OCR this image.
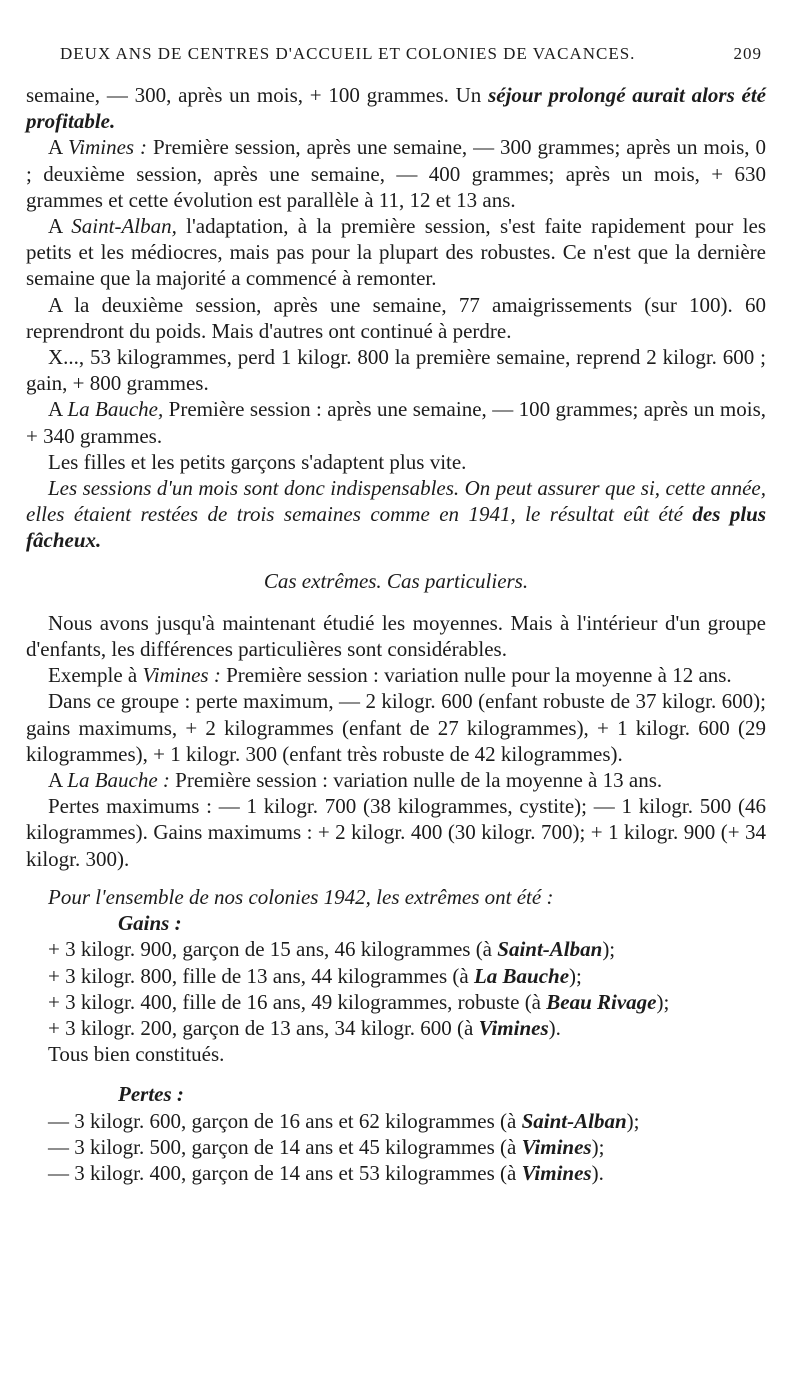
DEUX ANS DE CENTRES D'ACCUEIL ET COLONIES DE VACANCES.	209

semaine, — 300, après un mois, + 100 grammes. Un séjour prolongé aurait alors été profitable.

A Vimines : Première session, après une semaine, — 300 grammes; après un mois, 0 ; deuxième session, après une semaine, — 400 grammes; après un mois, + 630 grammes et cette évolution est parallèle à 11, 12 et 13 ans.

A Saint-Alban, l'adaptation, à la première session, s'est faite rapidement pour les petits et les médiocres, mais pas pour la plupart des robustes. Ce n'est que la dernière semaine que la majorité a commencé à remonter.

A la deuxième session, après une semaine, 77 amaigrissements (sur 100). 60 reprendront du poids. Mais d'autres ont continué à perdre.

X..., 53 kilogrammes, perd 1 kilogr. 800 la première semaine, reprend 2 kilogr. 600 ; gain, + 800 grammes.

A La Bauche, Première session : après une semaine, — 100 grammes; après un mois, + 340 grammes.

Les filles et les petits garçons s'adaptent plus vite.

Les sessions d'un mois sont donc indispensables. On peut assurer que si, cette année, elles étaient restées de trois semaines comme en 1941, le résultat eût été des plus fâcheux.

Cas extrêmes. Cas particuliers.

Nous avons jusqu'à maintenant étudié les moyennes. Mais à l'intérieur d'un groupe d'enfants, les différences particulières sont considérables.

Exemple à Vimines : Première session : variation nulle pour la moyenne à 12 ans.

Dans ce groupe : perte maximum, — 2 kilogr. 600 (enfant robuste de 37 kilogr. 600); gains maximums, + 2 kilogrammes (enfant de 27 kilogrammes), + 1 kilogr. 600 (29 kilogrammes), + 1 kilogr. 300 (enfant très robuste de 42 kilogrammes).

A La Bauche : Première session : variation nulle de la moyenne à 13 ans.

Pertes maximums : — 1 kilogr. 700 (38 kilogrammes, cystite); — 1 kilogr. 500 (46 kilogrammes). Gains maximums : + 2 kilogr. 400 (30 kilogr. 700); + 1 kilogr. 900 (+ 34 kilogr. 300).

Pour l'ensemble de nos colonies 1942, les extrêmes ont été :

Gains :

+ 3 kilogr. 900, garçon de 15 ans, 46 kilogrammes (à Saint-Alban);

+ 3 kilogr. 800, fille de 13 ans, 44 kilogrammes (à La Bauche);

+ 3 kilogr. 400, fille de 16 ans, 49 kilogrammes, robuste (à Beau Rivage);

+ 3 kilogr. 200, garçon de 13 ans, 34 kilogr. 600 (à Vimines).

Tous bien constitués.

Pertes :

— 3 kilogr. 600, garçon de 16 ans et 62 kilogrammes (à Saint-Alban);

— 3 kilogr. 500, garçon de 14 ans et 45 kilogrammes (à Vimines);

— 3 kilogr. 400, garçon de 14 ans et 53 kilogrammes (à Vimines).
